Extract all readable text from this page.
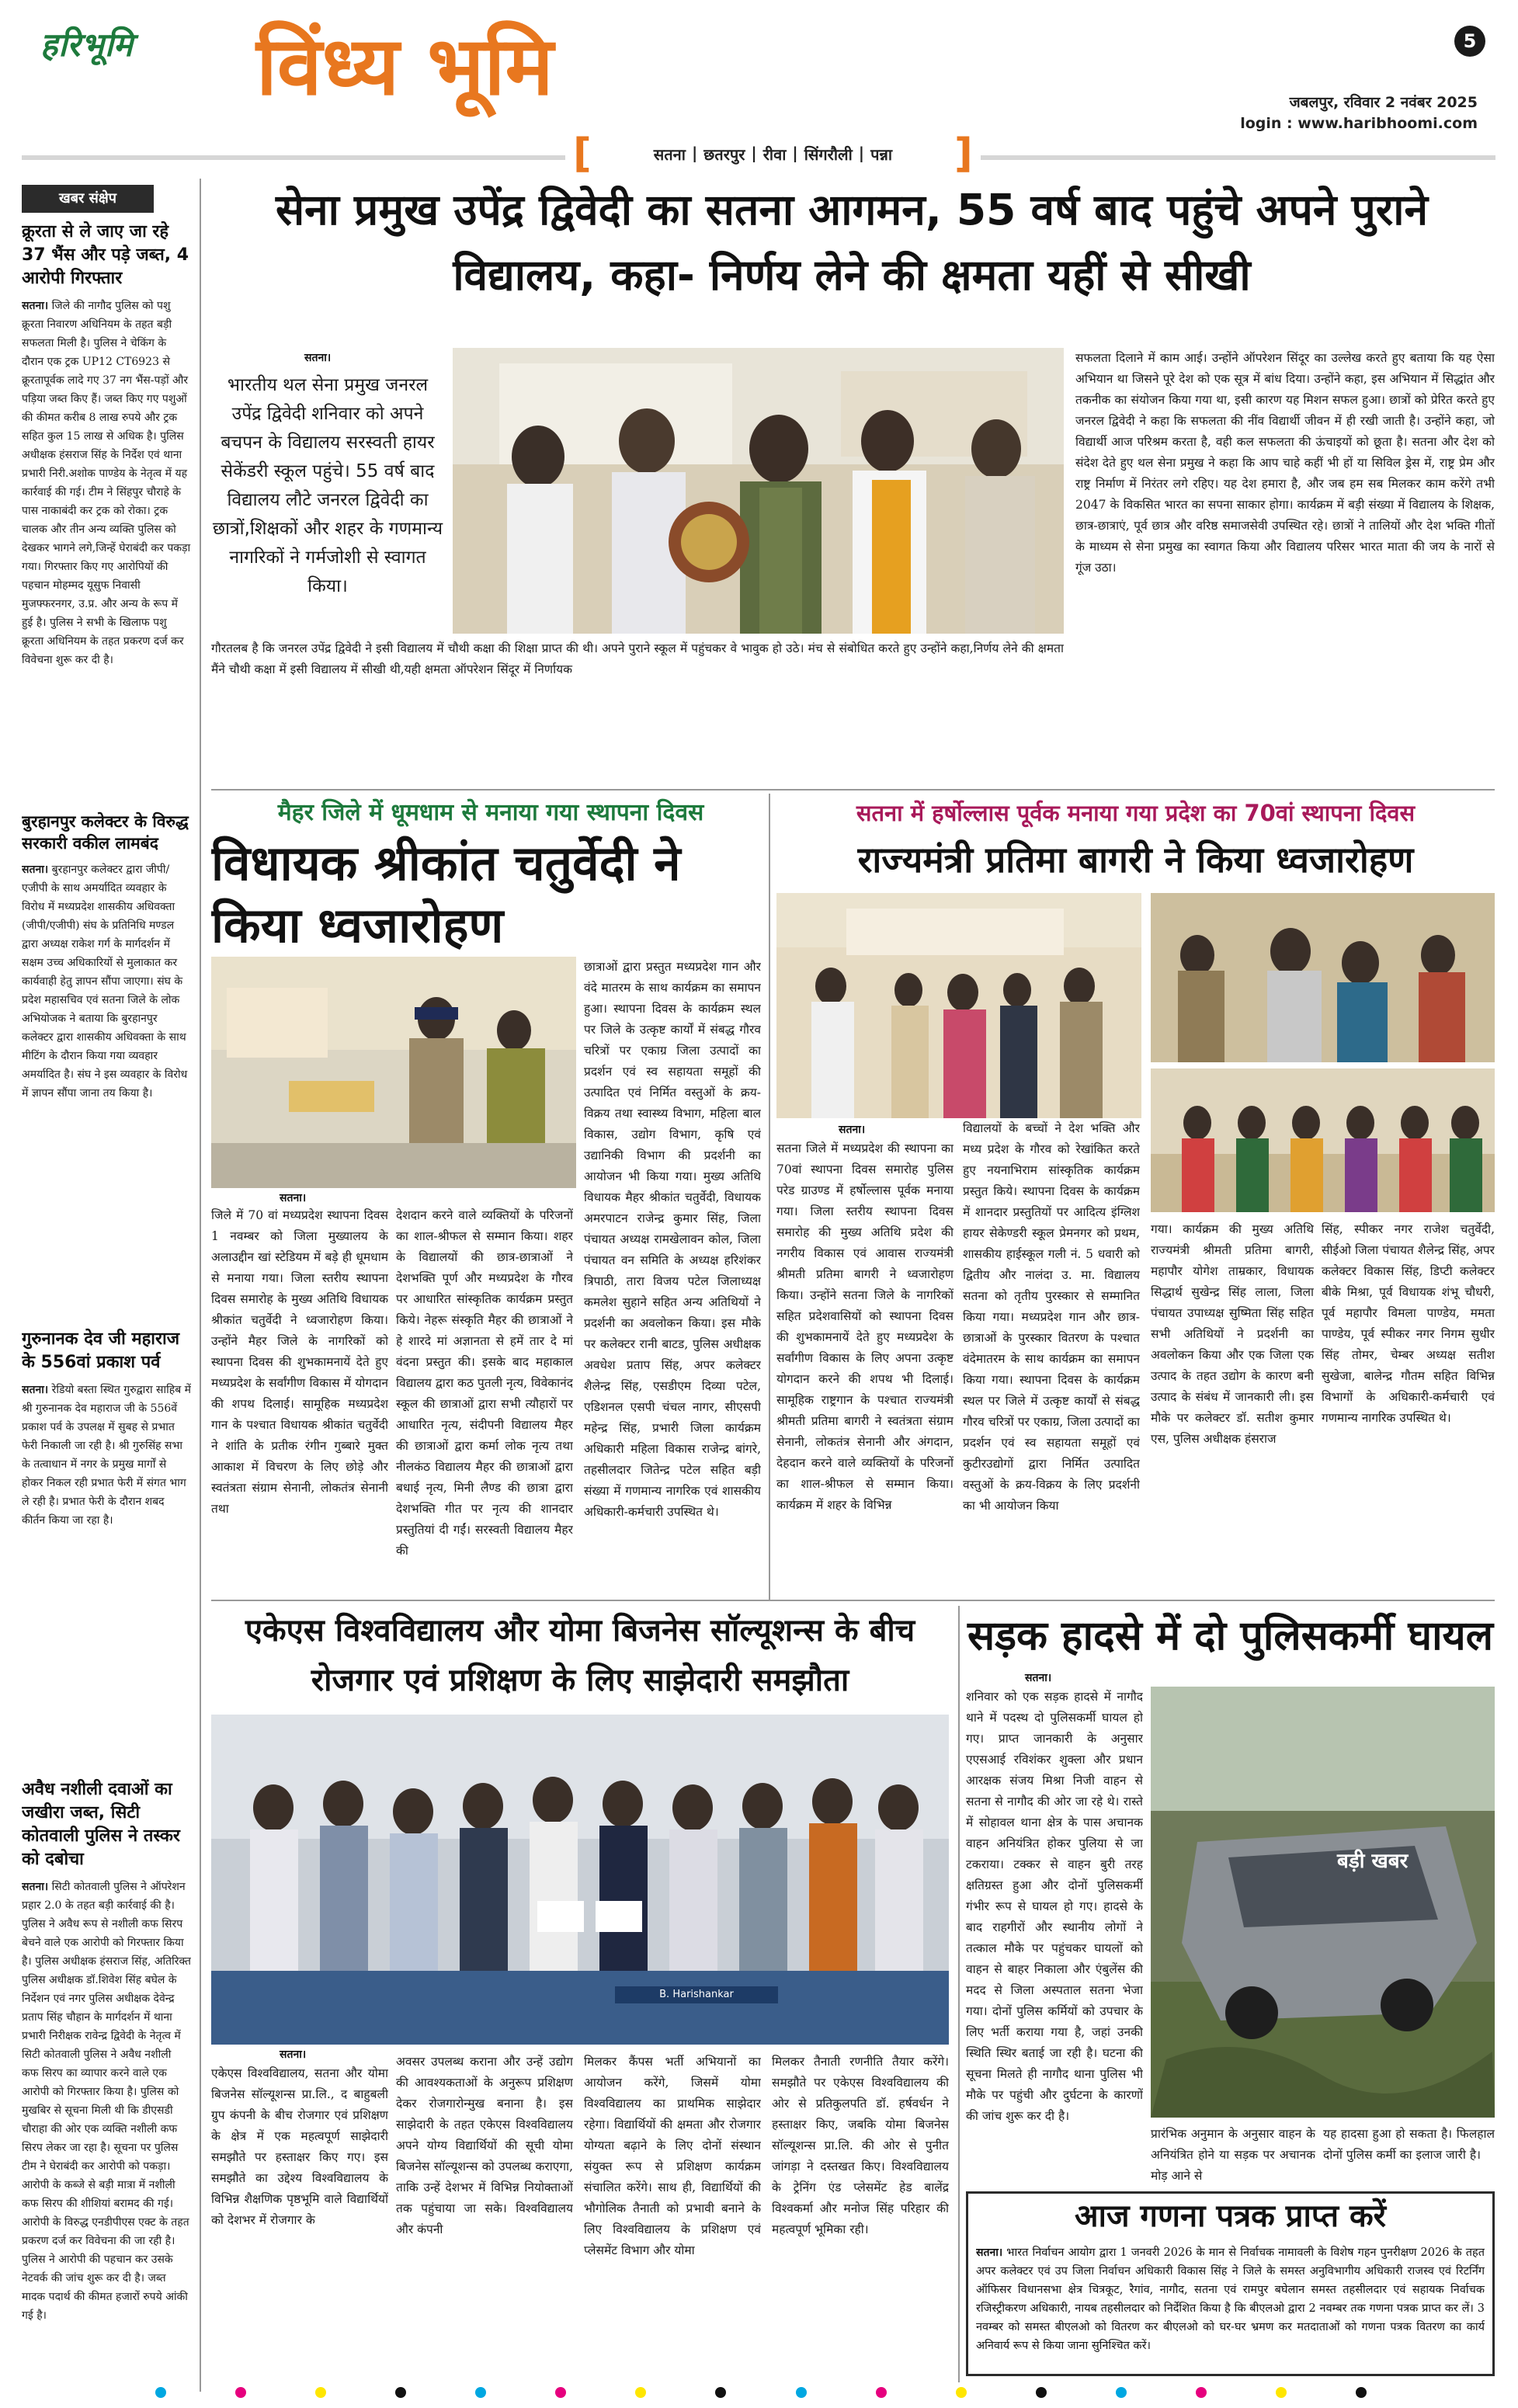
हरिभूमि विंध्य भूमि	5
जबलपुर, रविवार 2 नवंबर 2025
login : www.haribhoomi.com
[	सतना | छतरपुर | रीवा | सिंगरौली | पन्ना ]
खबर संक्षेप
क्रूरता से ले जाए जा रहे 37 भैंस और पड़े जब्त, 4 आरोपी गिरफ्तार
सतना। जिले की नागौद पुलिस को पशु क्रूरता निवारण अधिनियम के तहत बड़ी सफलता मिली है। पुलिस ने चेकिंग के दौरान एक ट्रक UP12 CT6923 से क्रूरतापूर्वक लादे गए 37 नग भैंस-पड़ों और पड़िया जब्त किए हैं। जब्त किए गए पशुओं की कीमत करीब 8 लाख रुपये और ट्रक सहित कुल 15 लाख से अधिक है। पुलिस अधीक्षक हंसराज सिंह के निर्देश एवं थाना प्रभारी निरी.अशोक पाण्डेय के नेतृत्व में यह कार्रवाई की गई। टीम ने सिंहपुर चौराहे के पास नाकाबंदी कर ट्रक को रोका। ट्रक चालक और तीन अन्य व्यक्ति पुलिस को देखकर भागने लगे,जिन्हें घेराबंदी कर पकड़ा गया। गिरफ्तार किए गए आरोपियों की पहचान मोहम्मद यूसुफ निवासी मुजफ्फरनगर, उ.प्र. और अन्य के रूप में हुई है। पुलिस ने सभी के खिलाफ पशु क्रूरता अधिनियम के तहत प्रकरण दर्ज कर विवेचना शुरू कर दी है।
बुरहानपुर कलेक्टर के विरुद्ध सरकारी वकील लामबंद
सतना। बुरहानपुर कलेक्टर द्वारा जीपी/एजीपी के साथ अमर्यादित व्यवहार के विरोध में मध्यप्रदेश शासकीय अधिवक्ता (जीपी/एजीपी) संघ के प्रतिनिधि मण्डल द्वारा अध्यक्ष राकेश गर्ग के मार्गदर्शन में सक्षम उच्च अधिकारियों से मुलाकात कर कार्यवाही हेतु ज्ञापन सौंपा जाएगा। संघ के प्रदेश महासचिव एवं सतना जिले के लोक अभियोजक ने बताया कि बुरहानपुर कलेक्टर द्वारा शासकीय अधिवक्ता के साथ मीटिंग के दौरान किया गया व्यवहार अमर्यादित है। संघ ने इस व्यवहार के विरोध में ज्ञापन सौंपा जाना तय किया है।
गुरुनानक देव जी महाराज के 556वां प्रकाश पर्व
सतना। रेडियो बस्ता स्थित गुरुद्वारा साहिब में श्री गुरुनानक देव महाराज जी के 556वें प्रकाश पर्व के उपलक्ष में सुबह से प्रभात फेरी निकाली जा रही है। श्री गुरुसिंह सभा के तत्वाधान में नगर के प्रमुख मार्गों से होकर निकल रही प्रभात फेरी में संगत भाग ले रही है। प्रभात फेरी के दौरान शबद कीर्तन किया जा रहा है।
अवैध नशीली दवाओं का जखीरा जब्त, सिटी कोतवाली पुलिस ने तस्कर को दबोचा
सतना। सिटी कोतवाली पुलिस ने ऑपरेशन प्रहार 2.0 के तहत बड़ी कार्रवाई की है। पुलिस ने अवैध रूप से नशीली कफ सिरप बेचने वाले एक आरोपी को गिरफ्तार किया है। पुलिस अधीक्षक हंसराज सिंह, अतिरिक्त पुलिस अधीक्षक डॉ.शिवेश सिंह बघेल के निर्देशन एवं नगर पुलिस अधीक्षक देवेन्द्र प्रताप सिंह चौहान के मार्गदर्शन में थाना प्रभारी निरीक्षक रावेन्द्र द्विवेदी के नेतृत्व में सिटी कोतवाली पुलिस ने अवैध नशीली कफ सिरप का व्यापार करने वाले एक आरोपी को गिरफ्तार किया है। पुलिस को मुखबिर से सूचना मिली थी कि डीएसडी चौराहा की ओर एक व्यक्ति नशीली कफ सिरप लेकर जा रहा है। सूचना पर पुलिस टीम ने घेराबंदी कर आरोपी को पकड़ा। आरोपी के कब्जे से बड़ी मात्रा में नशीली कफ सिरप की शीशियां बरामद की गई। आरोपी के विरुद्ध एनडीपीएस एक्ट के तहत प्रकरण दर्ज कर विवेचना की जा रही है। पुलिस ने आरोपी की पहचान कर उसके नेटवर्क की जांच शुरू कर दी है। जब्त मादक पदार्थ की कीमत हजारों रुपये आंकी गई है।
सेना प्रमुख उपेंद्र द्विवेदी का सतना आगमन, 55 वर्ष बाद पहुंचे अपने पुराने विद्यालय, कहा- निर्णय लेने की क्षमता यहीं से सीखी
सतना।
भारतीय थल सेना प्रमुख जनरल उपेंद्र द्विवेदी शनिवार को अपने बचपन के विद्यालय सरस्वती हायर सेकेंडरी स्कूल पहुंचे। 55 वर्ष बाद विद्यालय लौटे जनरल द्विवेदी का छात्रों,शिक्षकों और शहर के गणमान्य नागरिकों ने गर्मजोशी से स्वागत किया।
गौरतलब है कि जनरल उपेंद्र द्विवेदी ने इसी विद्यालय में चौथी कक्षा की शिक्षा प्राप्त की थी। अपने पुराने स्कूल में पहुंचकर वे भावुक हो उठे। मंच से संबोधित करते हुए उन्होंने कहा,निर्णय लेने की क्षमता मैंने चौथी कक्षा में इसी विद्यालय में सीखी थी,यही क्षमता ऑपरेशन सिंदूर में निर्णायक
सफलता दिलाने में काम आई। उन्होंने ऑपरेशन सिंदूर का उल्लेख करते हुए बताया कि यह ऐसा अभियान था जिसने पूरे देश को एक सूत्र में बांध दिया। उन्होंने कहा, इस अभियान में सिद्धांत और तकनीक का संयोजन किया गया था, इसी कारण यह मिशन सफल हुआ। छात्रों को प्रेरित करते हुए जनरल द्विवेदी ने कहा कि सफलता की नींव विद्यार्थी जीवन में ही रखी जाती है। उन्होंने कहा, जो विद्यार्थी आज परिश्रम करता है, वही कल सफलता की ऊंचाइयों को छूता है। सतना और देश को संदेश देते हुए थल सेना प्रमुख ने कहा कि आप चाहे कहीं भी हों या सिविल ड्रेस में, राष्ट्र प्रेम और राष्ट्र निर्माण में निरंतर लगे रहिए। यह देश हमारा है, और जब हम सब मिलकर काम करेंगे तभी 2047 के विकसित भारत का सपना साकार होगा। कार्यक्रम में बड़ी संख्या में विद्यालय के शिक्षक, छात्र-छात्राएं, पूर्व छात्र और वरिष्ठ समाजसेवी उपस्थित रहे। छात्रों ने तालियों और देश भक्ति गीतों के माध्यम से सेना प्रमुख का स्वागत किया और विद्यालय परिसर भारत माता की जय के नारों से गूंज उठा।
मैहर जिले में धूमधाम से मनाया गया स्थापना दिवस
विधायक श्रीकांत चतुर्वेदी ने किया ध्वजारोहण
सतना।
जिले में 70 वां मध्यप्रदेश स्थापना दिवस 1 नवम्बर को जिला मुख्यालय के अलाउद्दीन खां स्टेडियम में बड़े ही धूमधाम से मनाया गया। जिला स्तरीय स्थापना दिवस समारोह के मुख्य अतिथि विधायक श्रीकांत चतुर्वेदी ने ध्वजारोहण किया। उन्होंने मैहर जिले के नागरिकों को स्थापना दिवस की शुभकामनायें देते हुए मध्यप्रदेश के सर्वांगीण विकास में योगदान की शपथ दिलाई। सामूहिक मध्यप्रदेश गान के पश्चात विधायक श्रीकांत चतुर्वेदी ने शांति के प्रतीक रंगीन गुब्बारे मुक्त आकाश में विचरण के लिए छोड़े और स्वतंत्रता संग्राम सेनानी, लोकतंत्र सेनानी तथा
देशदान करने वाले व्यक्तियों के परिजनों का शाल-श्रीफल से सम्मान किया। शहर के विद्यालयों की छात्र-छात्राओं ने देशभक्ति पूर्ण और मध्यप्रदेश के गौरव पर आधारित सांस्कृतिक कार्यक्रम प्रस्तुत किये। नेहरू संस्कृति मैहर की छात्राओं ने हे शारदे मां अज्ञानता से हमें तार दे मां वंदना प्रस्तुत की। इसके बाद महाकाल विद्यालय द्वारा कठ पुतली नृत्य, विवेकानंद स्कूल की छात्राओं द्वारा सभी त्यौहारों पर आधारित नृत्य, संदीपनी विद्यालय मैहर की छात्राओं द्वारा कर्मा लोक नृत्य तथा नीलकंठ विद्यालय मैहर की छात्राओं द्वारा बधाई नृत्य, मिनी लैण्ड की छात्रा द्वारा देशभक्ति गीत पर नृत्य की शानदार प्रस्तुतियां दी गईं। सरस्वती विद्यालय मैहर की
छात्राओं द्वारा प्रस्तुत मध्यप्रदेश गान और वंदे मातरम के साथ कार्यक्रम का समापन हुआ। स्थापना दिवस के कार्यक्रम स्थल पर जिले के उत्कृष्ट कार्यों में संबद्ध गौरव चरित्रों पर एकाग्र जिला उत्पादों का प्रदर्शन एवं स्व सहायता समूहों की उत्पादित एवं निर्मित वस्तुओं के क्रय-विक्रय तथा स्वास्थ्य विभाग, महिला बाल विकास, उद्योग विभाग, कृषि एवं उद्यानिकी विभाग की प्रदर्शनी का आयोजन भी किया गया। मुख्य अतिथि विधायक मैहर श्रीकांत चतुर्वेदी, विधायक अमरपाटन राजेन्द्र कुमार सिंह, जिला पंचायत अध्यक्ष रामखेलावन कोल, जिला पंचायत वन समिति के अध्यक्ष हरिशंकर त्रिपाठी, तारा विजय पटेल जिलाध्यक्ष कमलेश सुहाने सहित अन्य अतिथियों ने प्रदर्शनी का अवलोकन किया। इस मौके पर कलेक्टर रानी बाटड, पुलिस अधीक्षक अवधेश प्रताप सिंह, अपर कलेक्टर शैलेन्द्र सिंह, एसडीएम दिव्या पटेल, एडिशनल एसपी चंचल नागर, सीएसपी महेन्द्र सिंह, प्रभारी जिला कार्यक्रम अधिकारी महिला विकास राजेन्द्र बांगरे, तहसीलदार जितेन्द्र पटेल सहित बड़ी संख्या में गणमान्य नागरिक एवं शासकीय अधिकारी-कर्मचारी उपस्थित थे।
सतना में हर्षोल्लास पूर्वक मनाया गया प्रदेश का 70वां स्थापना दिवस
राज्यमंत्री प्रतिमा बागरी ने किया ध्वजारोहण
सतना।
सतना जिले में मध्यप्रदेश की स्थापना का 70वां स्थापना दिवस समारोह पुलिस परेड ग्राउण्ड में हर्षोल्लास पूर्वक मनाया गया। जिला स्तरीय स्थापना दिवस समारोह की मुख्य अतिथि प्रदेश की नगरीय विकास एवं आवास राज्यमंत्री श्रीमती प्रतिमा बागरी ने ध्वजारोहण किया। उन्होंने सतना जिले के नागरिकों सहित प्रदेशवासियों को स्थापना दिवस की शुभकामनायें देते हुए मध्यप्रदेश के सर्वांगीण विकास के लिए अपना उत्कृष्ट योगदान करने की शपथ भी दिलाई। सामूहिक राष्ट्रगान के पश्चात राज्यमंत्री श्रीमती प्रतिमा बागरी ने स्वतंत्रता संग्राम सेनानी, लोकतंत्र सेनानी और अंगदान, देहदान करने वाले व्यक्तियों के परिजनों का शाल-श्रीफल से सम्मान किया। कार्यक्रम में शहर के विभिन्न
विद्यालयों के बच्चों ने देश भक्ति और मध्य प्रदेश के गौरव को रेखांकित करते हुए नयनाभिराम सांस्कृतिक कार्यक्रम प्रस्तुत किये। स्थापना दिवस के कार्यक्रम में शानदार प्रस्तुतियों पर आदित्य इंग्लिश हायर सेकेण्डरी स्कूल प्रेमनगर को प्रथम, शासकीय हाईस्कूल गली नं. 5 धवारी को द्वितीय और नालंदा उ. मा. विद्यालय सतना को तृतीय पुरस्कार से सम्मानित किया गया। मध्यप्रदेश गान और छात्र-छात्राओं के पुरस्कार वितरण के पश्चात वंदेमातरम के साथ कार्यक्रम का समापन किया गया। स्थापना दिवस के कार्यक्रम स्थल पर जिले में उत्कृष्ट कार्यों से संबद्ध गौरव चरित्रों पर एकाग्र, जिला उत्पादों का प्रदर्शन एवं स्व सहायता समूहों एवं कुटीरउद्योगों द्वारा निर्मित उत्पादित वस्तुओं के क्रय-विक्रय के लिए प्रदर्शनी का भी आयोजन किया
गया। कार्यक्रम की मुख्य अतिथि राज्यमंत्री श्रीमती प्रतिमा बागरी, महापौर योगेश ताम्रकार, विधायक सिद्धार्थ सुखेन्द्र सिंह लाला, जिला पंचायत उपाध्यक्ष सुष्मिता सिंह सहित सभी अतिथियों ने प्रदर्शनी का अवलोकन किया और एक जिला एक उत्पाद के तहत उद्योग के कारण बनी उत्पाद के संबंध में जानकारी ली। इस मौके पर कलेक्टर डॉ. सतीश कुमार एस, पुलिस अधीक्षक हंसराज
सिंह, स्पीकर नगर राजेश चतुर्वेदी, सीईओ जिला पंचायत शैलेन्द्र सिंह, अपर कलेक्टर विकास सिंह, डिप्टी कलेक्टर बीके मिश्रा, पूर्व विधायक शंभू चौधरी, पूर्व महापौर विमला पाण्डेय, ममता पाण्डेय, पूर्व स्पीकर नगर निगम सुधीर सिंह तोमर, चेम्बर अध्यक्ष सतीश सुखेजा, बालेन्द्र गौतम सहित विभिन्न विभागों के अधिकारी-कर्मचारी एवं गणमान्य नागरिक उपस्थित थे।
एकेएस विश्वविद्यालय और योमा बिजनेस सॉल्यूशन्स के बीच रोजगार एवं प्रशिक्षण के लिए साझेदारी समझौता
B. Harishankar
सतना।
एकेएस विश्वविद्यालय, सतना और योमा बिजनेस सॉल्यूशन्स प्रा.लि., द बाहुबली ग्रुप कंपनी के बीच रोजगार एवं प्रशिक्षण के क्षेत्र में एक महत्वपूर्ण साझेदारी समझौते पर हस्ताक्षर किए गए। इस समझौते का उद्देश्य विश्वविद्यालय के विभिन्न शैक्षणिक पृष्ठभूमि वाले विद्यार्थियों को देशभर में रोजगार के
अवसर उपलब्ध कराना और उन्हें उद्योग की आवश्यकताओं के अनुरूप प्रशिक्षण देकर रोजगारोन्मुख बनाना है। इस साझेदारी के तहत एकेएस विश्वविद्यालय अपने योग्य विद्यार्थियों की सूची योमा बिजनेस सॉल्यूशन्स को उपलब्ध कराएगा, ताकि उन्हें देशभर में विभिन्न नियोक्ताओं तक पहुंचाया जा सके। विश्वविद्यालय और कंपनी
मिलकर कैंपस भर्ती अभियानों का आयोजन करेंगे, जिसमें योमा विश्वविद्यालय का प्राथमिक साझेदार रहेगा। विद्यार्थियों की क्षमता और रोजगार योग्यता बढ़ाने के लिए दोनों संस्थान संयुक्त रूप से प्रशिक्षण कार्यक्रम संचालित करेंगे। साथ ही, विद्यार्थियों की भौगोलिक तैनाती को प्रभावी बनाने के लिए विश्वविद्यालय के प्रशिक्षण एवं प्लेसमेंट विभाग और योमा
मिलकर तैनाती रणनीति तैयार करेंगे। समझौते पर एकेएस विश्वविद्यालय की ओर से प्रतिकुलपति डॉ. हर्षवर्धन ने हस्ताक्षर किए, जबकि योमा बिजनेस सॉल्यूशन्स प्रा.लि. की ओर से पुनीत जांगड़ा ने दस्तखत किए। विश्वविद्यालय के ट्रेनिंग एंड प्लेसमेंट हेड बालेंद्र विश्वकर्मा और मनोज सिंह परिहार की महत्वपूर्ण भूमिका रही।
सड़क हादसे में दो पुलिसकर्मी घायल
सतना।
शनिवार को एक सड़क हादसे में नागौद थाने में पदस्थ दो पुलिसकर्मी घायल हो गए। प्राप्त जानकारी के अनुसार एएसआई रविशंकर शुक्ला और प्रधान आरक्षक संजय मिश्रा निजी वाहन से सतना से नागौद की ओर जा रहे थे। रास्ते में सोहावल थाना क्षेत्र के पास अचानक वाहन अनियंत्रित होकर पुलिया से जा टकराया। टक्कर से वाहन बुरी तरह क्षतिग्रस्त हुआ और दोनों पुलिसकर्मी गंभीर रूप से घायल हो गए। हादसे के बाद राहगीरों और स्थानीय लोगों ने तत्काल मौके पर पहुंचकर घायलों को वाहन से बाहर निकाला और एंबुलेंस की मदद से जिला अस्पताल सतना भेजा गया। दोनों पुलिस कर्मियों को उपचार के लिए भर्ती कराया गया है, जहां उनकी स्थिति स्थिर बताई जा रही है। घटना की सूचना मिलते ही नागौद थाना पुलिस भी मौके पर पहुंची और दुर्घटना के कारणों की जांच शुरू कर दी है।
बड़ी खबर
प्रारंभिक अनुमान के अनुसार वाहन के अनियंत्रित होने या सड़क पर अचानक मोड़ आने से
यह हादसा हुआ हो सकता है। फिलहाल दोनों पुलिस कर्मी का इलाज जारी है।
आज गणना पत्रक प्राप्त करें
सतना। भारत निर्वाचन आयोग द्वारा 1 जनवरी 2026 के मान से निर्वाचक नामावली के विशेष गहन पुनरीक्षण 2026 के तहत अपर कलेक्टर एवं उप जिला निर्वाचन अधिकारी विकास सिंह ने जिले के समस्त अनुविभागीय अधिकारी राजस्व एवं रिटर्निंग ऑफिसर विधानसभा क्षेत्र चित्रकूट, रैगांव, नागौद, सतना एवं रामपुर बघेलान समस्त तहसीलदार एवं सहायक निर्वाचक रजिस्ट्रीकरण अधिकारी, नायब तहसीलदार को निर्देशित किया है कि बीएलओ द्वारा 2 नवम्बर तक गणना पत्रक प्राप्त कर लें। 3 नवम्बर को समस्त बीएलओ को वितरण कर बीएलओ को घर-घर भ्रमण कर मतदाताओं को गणना पत्रक वितरण का कार्य अनिवार्य रूप से किया जाना सुनिश्चित करें।
